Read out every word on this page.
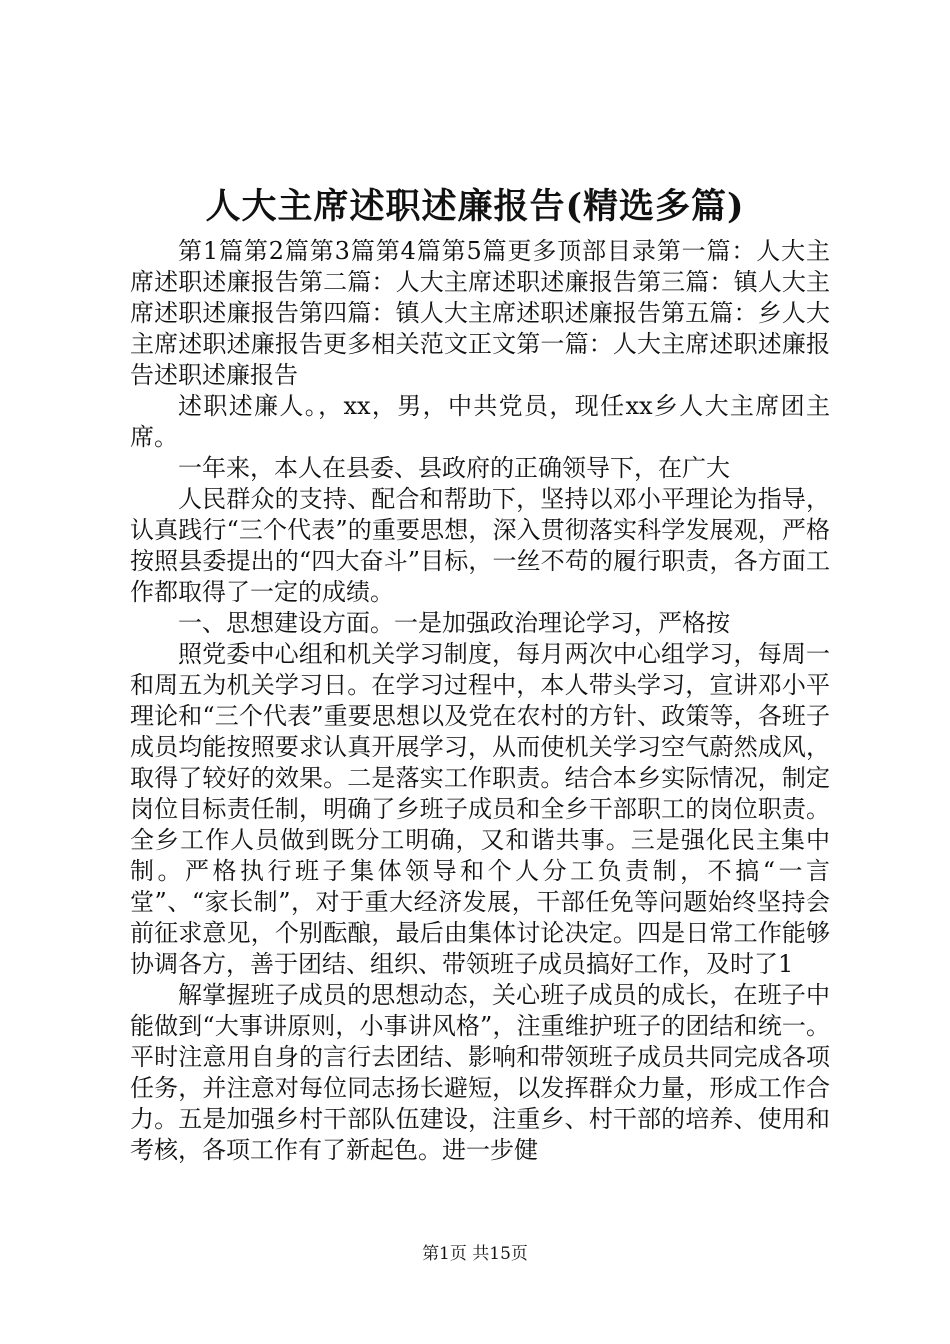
人大主席述职述廉报告(精选多篇)

第1篇第2篇第3篇第4篇第5篇更多顶部目录第一篇：人大主席述职述廉报告第二篇：人大主席述职述廉报告第三篇：镇人大主席述职述廉报告第四篇：镇人大主席述职述廉报告第五篇：乡人大主席述职述廉报告更多相关范文正文第一篇：人大主席述职述廉报告述职述廉报告

述职述廉人。，xx，男，中共党员，现任xx乡人大主席团主席。

一年来，本人在县委、县政府的正确领导下，在广大

人民群众的支持、配合和帮助下，坚持以邓小平理论为指导，认真践行“三个代表”的重要思想，深入贯彻落实科学发展观，严格按照县委提出的“四大奋斗”目标，一丝不苟的履行职责，各方面工作都取得了一定的成绩。

一、思想建设方面。一是加强政治理论学习，严格按

照党委中心组和机关学习制度，每月两次中心组学习，每周一和周五为机关学习日。在学习过程中，本人带头学习，宣讲邓小平理论和“三个代表”重要思想以及党在农村的方针、政策等，各班子成员均能按照要求认真开展学习，从而使机关学习空气蔚然成风，取得了较好的效果。二是落实工作职责。结合本乡实际情况，制定岗位目标责任制，明确了乡班子成员和全乡干部职工的岗位职责。全乡工作人员做到既分工明确，又和谐共事。三是强化民主集中制。严格执行班子集体领导和个人分工负责制，不搞“一言堂”、“家长制”，对于重大经济发展，干部任免等问题始终坚持会前征求意见，个别酝酿，最后由集体讨论决定。四是日常工作能够协调各方，善于团结、组织、带领班子成员搞好工作，及时了1

解掌握班子成员的思想动态，关心班子成员的成长，在班子中能做到“大事讲原则，小事讲风格”，注重维护班子的团结和统一。平时注意用自身的言行去团结、影响和带领班子成员共同完成各项任务，并注意对每位同志扬长避短，以发挥群众力量，形成工作合力。五是加强乡村干部队伍建设，注重乡、村干部的培养、使用和考核，各项工作有了新起色。进一步健

第1页 共15页
